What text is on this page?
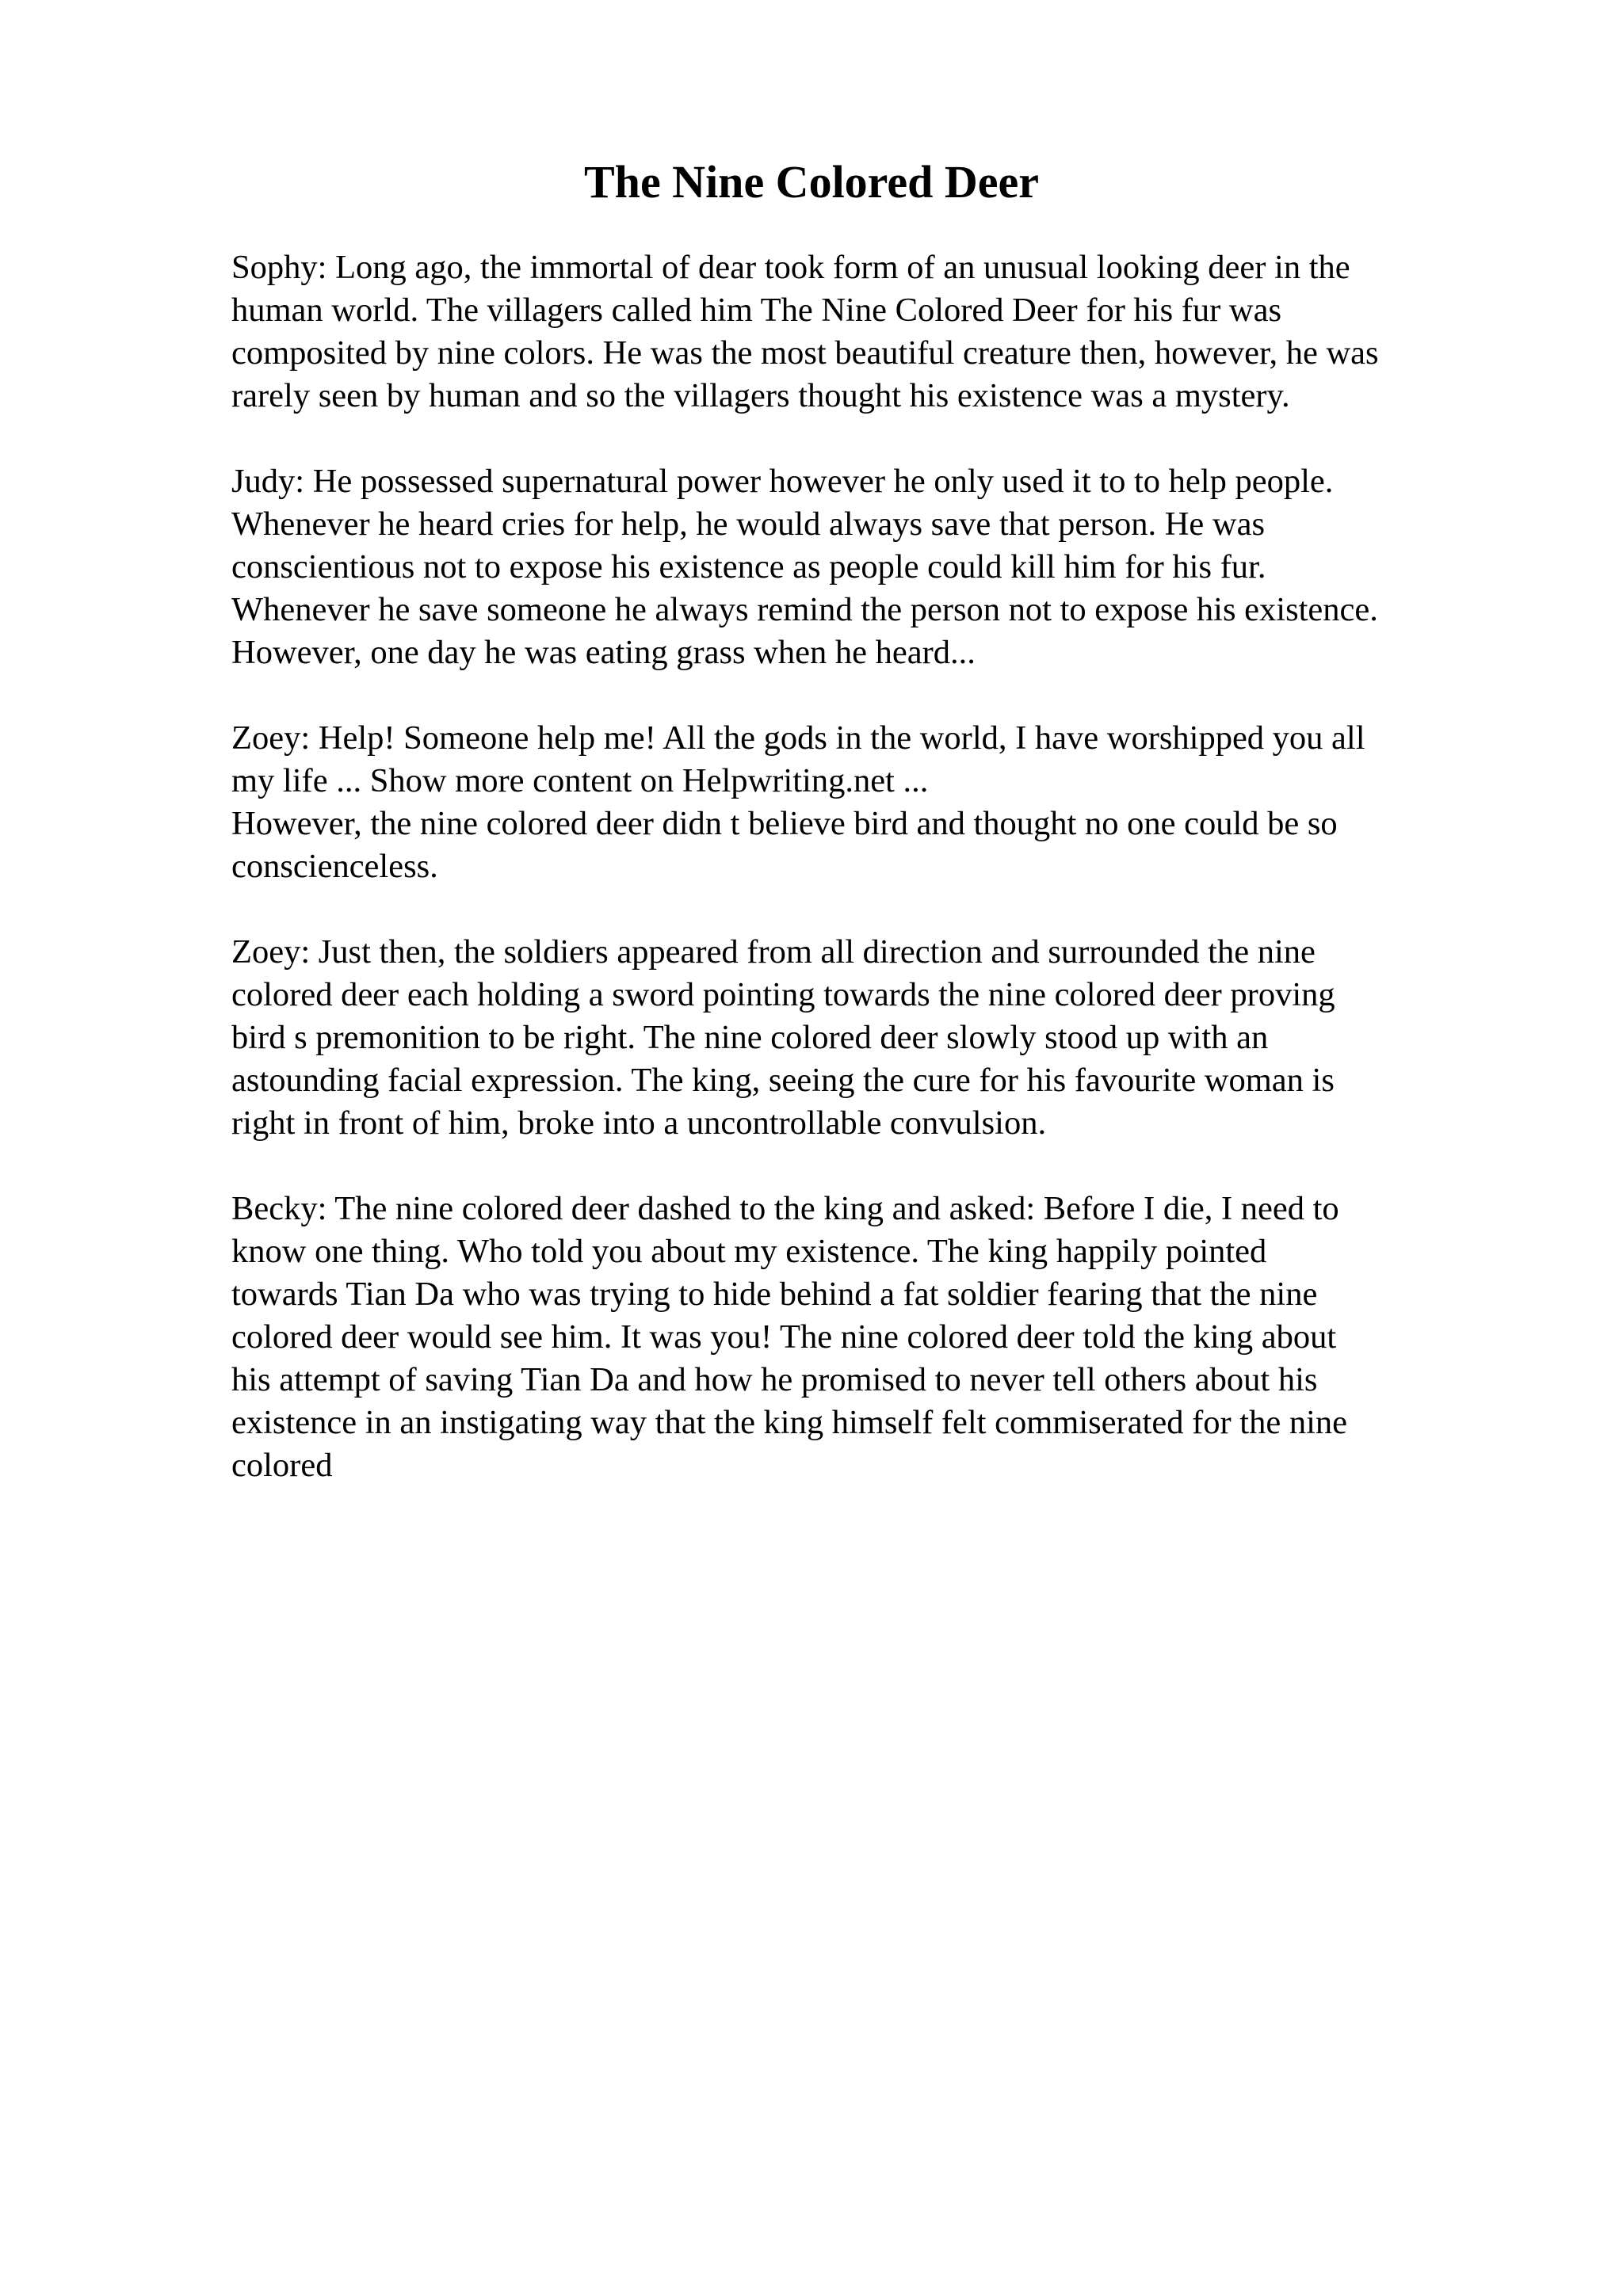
The Nine Colored Deer
Sophy: Long ago, the immortal of dear took form of an unusual looking deer in the
human world. The villagers called him The Nine Colored Deer for his fur was
composited by nine colors. He was the most beautiful creature then, however, he was
rarely seen by human and so the villagers thought his existence was a mystery.
Judy: He possessed supernatural power however he only used it to to help people.
Whenever he heard cries for help, he would always save that person. He was
conscientious not to expose his existence as people could kill him for his fur.
Whenever he save someone he always remind the person not to expose his existence.
However, one day he was eating grass when he heard...
Zoey: Help! Someone help me! All the gods in the world, I have worshipped you all
my life ... Show more content on Helpwriting.net ...
However, the nine colored deer didn t believe bird and thought no one could be so
conscienceless.
Zoey: Just then, the soldiers appeared from all direction and surrounded the nine
colored deer each holding a sword pointing towards the nine colored deer proving
bird s premonition to be right. The nine colored deer slowly stood up with an
astounding facial expression. The king, seeing the cure for his favourite woman is
right in front of him, broke into a uncontrollable convulsion.
Becky: The nine colored deer dashed to the king and asked: Before I die, I need to
know one thing. Who told you about my existence. The king happily pointed
towards Tian Da who was trying to hide behind a fat soldier fearing that the nine
colored deer would see him. It was you! The nine colored deer told the king about
his attempt of saving Tian Da and how he promised to never tell others about his
existence in an instigating way that the king himself felt commiserated for the nine
colored
